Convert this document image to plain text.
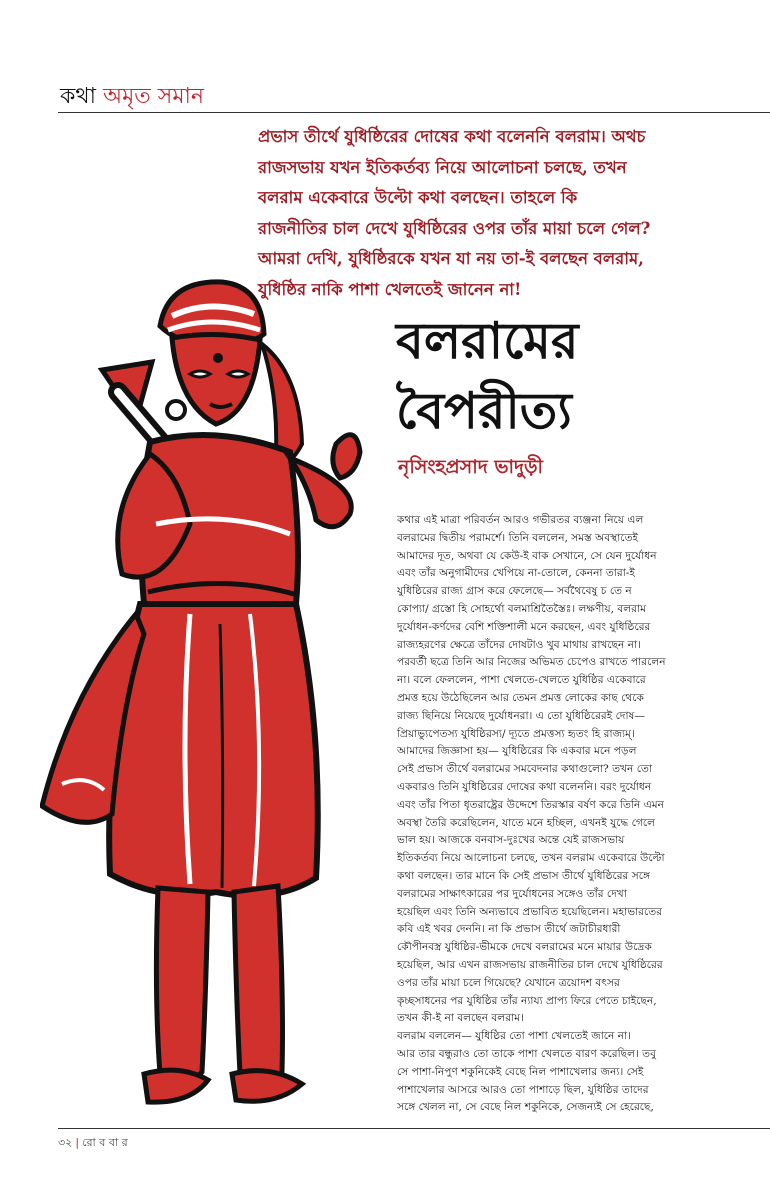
কথা অমৃত সমান
প্রভাস তীর্থে যুধিষ্ঠিরের দোষের কথা বলেননি বলরাম। অথচ
রাজসভায় যখন ইতিকর্তব্য নিয়ে আলোচনা চলছে, তখন
বলরাম একেবারে উল্টো কথা বলছেন। তাহলে কি
রাজনীতির চাল দেখে যুধিষ্ঠিরের ওপর তাঁর মায়া চলে গেল?
আমরা দেখি, যুধিষ্ঠিরকে যখন যা নয় তা-ই বলছেন বলরাম,
যুধিষ্ঠির নাকি পাশা খেলতেই জানেন না!
বলরামের
বৈপরীত্য
নৃসিংহপ্রসাদ ভাদুড়ী
কথার এই মাত্রা পরিবর্তন আরও গভীরতর ব্যঞ্জনা নিয়ে এল
বলরামের দ্বিতীয় পরামর্শে। তিনি বললেন, সমস্ত অবস্থাতেই
আমাদের দূত, অথবা যে কেউ-ই বাক সেখানে, সে যেন দুর্যোধন
এবং তাঁর অনুগামীদের খেপিয়ে না-তোলে, কেননা তারা-ই
যুধিষ্ঠিরের রাজ্য গ্রাস করে ফেলেছে— সর্বথৈবেষু চ তে ন
কোপ্যা/ গ্রস্তো হি সোহর্থো বলমাশ্রিতৈস্তৈঃ। লক্ষণীয়, বলরাম
দুর্যোধন-কর্ণদের বেশি শক্তিশালী মনে করছেন, এবং যুধিষ্ঠিরের
রাজ্যহরণের ক্ষেত্রে তাঁদের দোষটাও খুব মাথায় রাখছেন না।
পরবর্তী ছত্রে তিনি আর নিজের অভিমত চেপেও রাখতে পারলেন
না। বলে ফেললেন, পাশা খেলতে-খেলতে যুধিষ্ঠির একেবারে
প্রমত্ত হয়ে উঠেছিলেন আর তেমন প্রমত্ত লোকের কাছ থেকে
রাজ্য ছিনিয়ে নিয়েছে দুর্যোধনরা। এ তো যুধিষ্ঠিরেরই দোষ—
প্রিয়াভ্যুপেতস্য যুধিষ্ঠিরস্য/ দ্যূতে প্রমত্তস্য হৃতং হি রাজ্যম্।
আমাদের জিজ্ঞাসা হয়— যুধিষ্ঠিরের কি একবার মনে পড়ল
সেই প্রভাস তীর্থে বলরামের সমবেদনার কথাগুলো? তখন তো
একবারও তিনি যুধিষ্ঠিরের দোষের কথা বলেননি। বরং দুর্যোধন
এবং তাঁর পিতা ধৃতরাষ্ট্রের উদ্দেশে তিরস্কার বর্ষণ করে তিনি এমন
অবস্থা তৈরি করেছিলেন, যাতে মনে হচ্ছিল, এখনই যুদ্ধে গেলে
ভাল হয়। আজকে বনবাস-দুঃখের অন্তে যেই রাজসভায়
ইতিকর্তব্য নিয়ে আলোচনা চলছে, তখন বলরাম একেবারে উল্টো
কথা বলছেন। তার মানে কি সেই প্রভাস তীর্থে যুধিষ্ঠিরের সঙ্গে
বলরামের সাক্ষাৎকারের পর দুর্যোধনের সঙ্গেও তাঁর দেখা
হয়েছিল এবং তিনি অন্যভাবে প্রভাবিত হয়েছিলেন। মহাভারতের
কবি এই খবর দেননি। না কি প্রভাস তীর্থে জটাচীরধারী
কৌপীনবস্ত্র যুধিষ্ঠির-ভীমকে দেখে বলরামের মনে মায়ার উদ্রেক
হয়েছিল, আর এখন রাজসভায় রাজনীতির চাল দেখে যুধিষ্ঠিরের
ওপর তাঁর মায়া চলে গিয়েছে? যেখানে ত্রয়োদশ বৎসর
কৃচ্ছসাধনের পর যুধিষ্ঠির তাঁর ন্যায্য প্রাপ্য ফিরে পেতে চাইছেন,
তখন কী-ই না বলছেন বলরাম।
বলরাম বললেন— যুধিষ্ঠির তো পাশা খেলতেই জানে না।
আর তার বন্ধুরাও তো তাকে পাশা খেলতে বারণ করেছিল। তবু
সে পাশা-নিপুণ শকুনিকেই বেছে নিল পাশাখেলার জন্য। সেই
পাশাখেলার আসরে আরও তো পাশাড়ে ছিল, যুধিষ্ঠির তাদের
সঙ্গে খেলল না, সে বেছে নিল শকুনিকে, সেজন্যই সে হেরেছে,
৩২ | রো ব বা র
